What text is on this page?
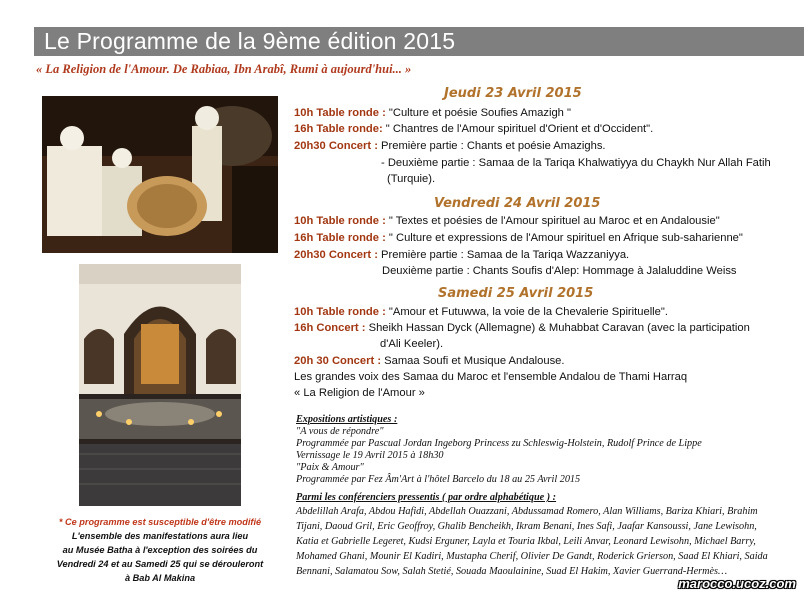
Le Programme de la 9ème édition 2015
« La Religion de l'Amour. De Rabiaa, Ibn Arabî, Rumi à aujourd'hui... »
* Ce programme est susceptible d'être modifié
L'ensemble des manifestations aura lieu
au Musée Batha à l'exception des soirées du
Vendredi 24 et au Samedi 25 qui se dérouleront
à Bab Al Makina
Jeudi 23 Avril 2015
Vendredi 24 Avril 2015
Samedi 25 Avril 2015
10h Table ronde : "Culture et poésie Soufies Amazigh "
16h Table ronde: " Chantres de l'Amour spirituel d'Orient et d'Occident".
20h30 Concert : Première partie : Chants et poésie Amazighs.
- Deuxième partie : Samaa de la Tariqa Khalwatiyya du Chaykh Nur Allah Fatih
(Turquie).
10h Table ronde : " Textes et poésies de l'Amour spirituel au Maroc et en Andalousie"
16h Table ronde : " Culture et expressions de l'Amour spirituel en Afrique sub-saharienne"
20h30 Concert : Première partie : Samaa de la Tariqa Wazzaniyya.
Deuxième partie : Chants Soufis d'Alep: Hommage à Jalaluddine Weiss
10h Table ronde : "Amour et Futuwwa, la voie de la Chevalerie Spirituelle".
16h Concert : Sheikh Hassan Dyck (Allemagne) & Muhabbat Caravan (avec la participation
d'Ali Keeler).
20h 30 Concert : Samaa Soufi et Musique Andalouse.
Les grandes voix des Samaa du Maroc et l'ensemble Andalou de Thami Harraq
« La Religion de l'Amour »
Expositions artistiques :
"A vous de répondre"
Programmée par Pascual Jordan Ingeborg Princess zu Schleswig-Holstein, Rudolf Prince de Lippe
Vernissage le 19 Avril 2015 à 18h30
"Paix & Amour"
Programmée par Fez Âm'Art à l'hôtel Barcelo du 18 au 25 Avril 2015
Parmi les conférenciers pressentis ( par ordre alphabétique ) :
Abdelillah Arafa, Abdou Hafidi, Abdellah Ouazzani, Abdussamad Romero, Alan Williams, Bariza Khiari, Brahim
Tijani, Daoud Gril, Eric Geoffroy, Ghalib Bencheikh, Ikram Benani, Ines Safi, Jaafar Kansoussi, Jane Lewisohn,
Katia et Gabrielle Legeret, Kudsi Erguner, Layla et Touria Ikbal, Leili Anvar, Leonard Lewisohn, Michael Barry,
Mohamed Ghani, Mounir El Kadiri, Mustapha Cherif, Olivier De Gandt, Roderick Grierson, Saad El Khiari, Saida
Bennani, Salamatou Sow, Salah Stetié, Souada Maoulainine, Suad El Hakim, Xavier Guerrand-Hermès…
marocco.ucoz.com
